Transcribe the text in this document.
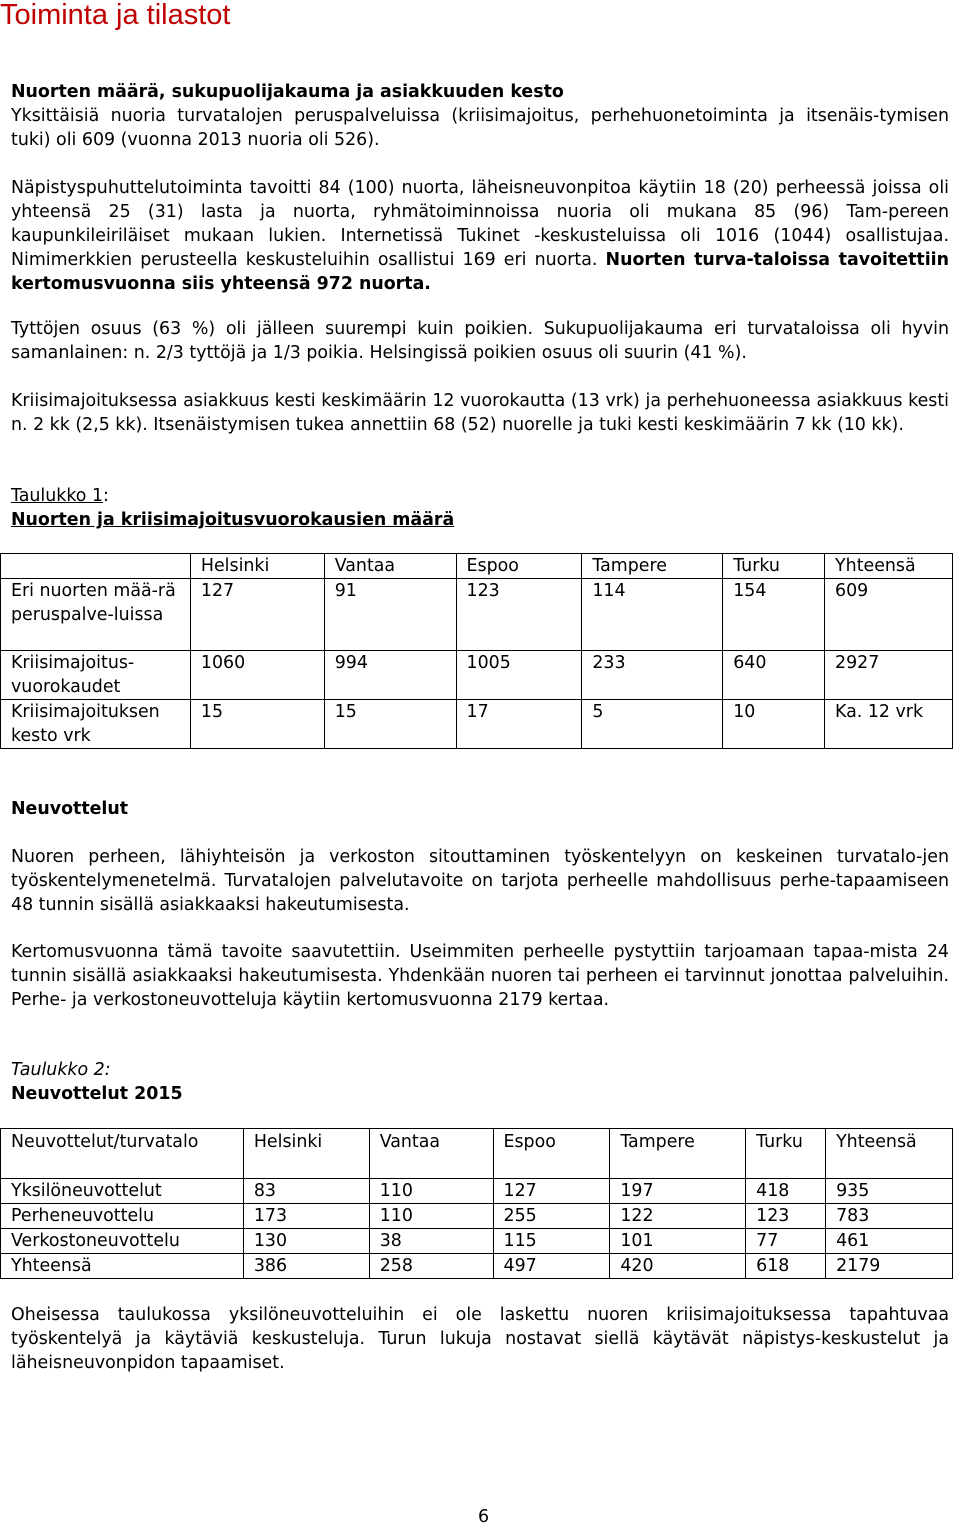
Toiminta ja tilastot

Nuorten määrä, sukupuolijakauma ja asiakkuuden kesto

Yksittäisiä nuoria turvatalojen peruspalveluissa (kriisimajoitus, perhehuonetoiminta ja itsenäis-tymisen tuki) oli 609 (vuonna 2013 nuoria oli 526).

Näpistyspuhuttelutoiminta tavoitti 84 (100) nuorta, läheisneuvonpitoa käytiin 18 (20) perheessä joissa oli yhteensä 25 (31) lasta ja nuorta, ryhmätoiminnoissa nuoria oli mukana 85 (96) Tam-pereen kaupunkileiriläiset mukaan lukien. Internetissä Tukinet -keskusteluissa oli 1016 (1044) osallistujaa. Nimimerkkien perusteella keskusteluihin osallistui 169 eri nuorta. Nuorten turva-taloissa tavoitettiin kertomusvuonna siis yhteensä 972 nuorta.

Tyttöjen osuus (63 %) oli jälleen suurempi kuin poikien. Sukupuolijakauma eri turvataloissa oli hyvin samanlainen: n. 2/3 tyttöjä ja 1/3 poikia. Helsingissä poikien osuus oli suurin (41 %).

Kriisimajoituksessa asiakkuus kesti keskimäärin 12 vuorokautta (13 vrk) ja perhehuoneessa asiakkuus kesti n. 2 kk (2,5 kk). Itsenäistymisen tukea annettiin 68 (52) nuorelle ja tuki kesti keskimäärin 7 kk (10 kk).

Taulukko 1:

Nuorten ja kriisimajoitusvuorokausien määrä

	Helsinki	Vantaa	Espoo	Tampere	Turku	Yhteensä
Eri nuorten mää-rä peruspalve-luissa	127	91	123	114	154	609
Kriisimajoitus-vuorokaudet	1060	994	1005	233	640	2927
Kriisimajoituksen kesto vrk	15	15	17	5	10	Ka. 12 vrk

Neuvottelut

Nuoren perheen, lähiyhteisön ja verkoston sitouttaminen työskentelyyn on keskeinen turvatalo-jen työskentelymenetelmä. Turvatalojen palvelutavoite on tarjota perheelle mahdollisuus perhe-tapaamiseen 48 tunnin sisällä asiakkaaksi hakeutumisesta.

Kertomusvuonna tämä tavoite saavutettiin. Useimmiten perheelle pystyttiin tarjoamaan tapaa-mista 24 tunnin sisällä asiakkaaksi hakeutumisesta. Yhdenkään nuoren tai perheen ei tarvinnut jonottaa palveluihin. Perhe- ja verkostoneuvotteluja käytiin kertomusvuonna 2179 kertaa.

Taulukko 2:

Neuvottelut 2015

Neuvottelut/turvatalo	Helsinki	Vantaa	Espoo	Tampere	Turku	Yhteensä
Yksilöneuvottelut	83	110	127	197	418	935
Perheneuvottelu	173	110	255	122	123	783
Verkostoneuvottelu	130	38	115	101	77	461
Yhteensä	386	258	497	420	618	2179

Oheisessa taulukossa yksilöneuvotteluihin ei ole laskettu nuoren kriisimajoituksessa tapahtuvaa työskentelyä ja käytäviä keskusteluja. Turun lukuja nostavat siellä käytävät näpistys-keskustelut ja läheisneuvonpidon tapaamiset.

6
